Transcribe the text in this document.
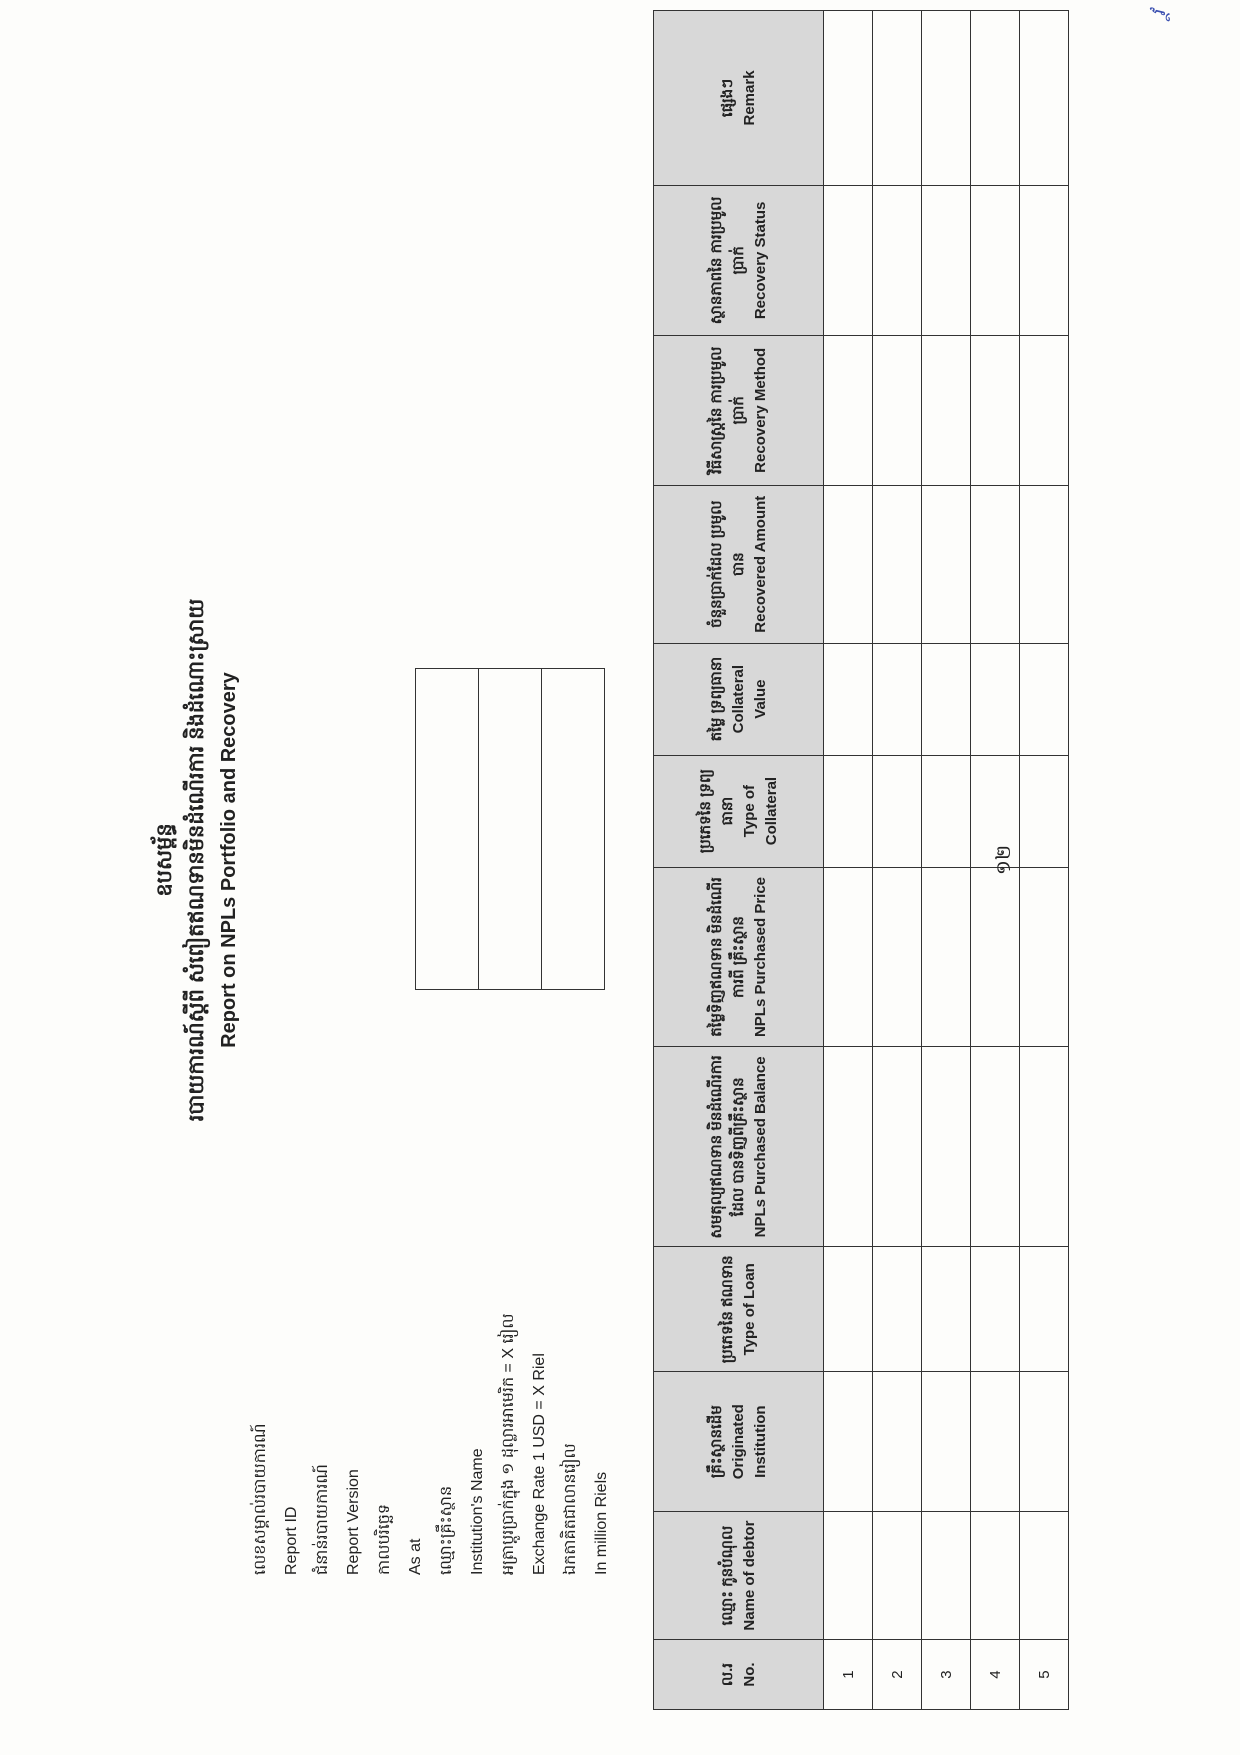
ឧបសម្ព័ន្ធ របាយការណ៍ស្តីពី សំពៀតឥណទានមិនដំណើរការ និងដំណោះស្រាយ Report on NPLs Portfolio and Recovery
លេខសម្គាល់របាយការណ៍ Report ID ជំនាន់របាយការណ៍ Report Version កាលបរិច្ឆេទ As at ឈ្មោះគ្រឹះស្ថាន Institution's Name អត្រាប្តូរប្រាក់ក្នុង ១ ដុល្លារអាមេរិក = X រៀល Exchange Rate 1 USD = X Riel ឯកតាគិតជាលានរៀល In million Riels

ល.រ No.	ឈ្មោះ កូនបំណុល Name of debtor	គ្រឹះស្ថានដើម Originated Institution	ប្រភេទនៃ ឥណទាន Type of Loan	សមតុល្យឥណទាន មិនដំណើរការដែល បានទិញពីគ្រឹះស្ថាន NPLs Purchased Balance	តម្លៃទិញឥណទាន មិនដំណើរការពី គ្រឹះស្ថាន NPLs Purchased Price	ប្រភេទនៃ ទ្រព្យធានា Type of Collateral	តម្លៃ ទ្រព្យធានា Collateral Value	ចំនួនប្រាក់ដែល ប្រមូលបាន Recovered Amount	វិធីសាស្ត្រនៃ ការប្រមូលប្រាក់ Recovery Method	ស្ថានភាពនៃ ការប្រមូលប្រាក់ Recovery Status	ផ្សេងៗ Remark

1											
2											
3											
4											
5											
១២
វ្ថ
